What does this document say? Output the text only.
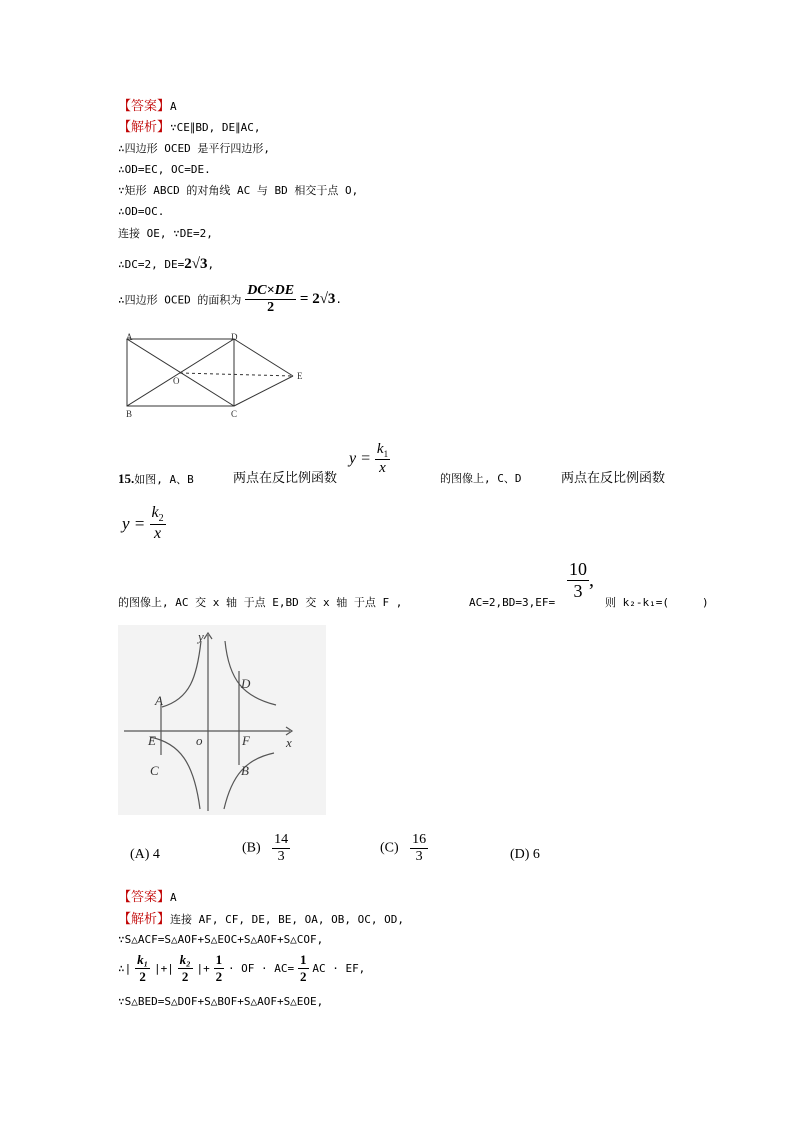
【答案】A
【解析】∵CE∥BD, DE∥AC,
∴四边形 OCED 是平行四边形,
∴OD=EC, OC=DE.
∵矩形 ABCD 的对角线 AC 与 BD 相交于点 O,
∴OD=OC.
连接 OE, ∵DE=2,
∴DC=2, DE=2√3,
∴四边形 OCED 的面积为 $\frac{DC\times DE}{2} = 2√3$.
A
B	C
D
E
O
$y = \frac{k_1}{x}$
15.如图, A、B	两点在反比例函数	的图像上, C、D	两点在反比例函数
$y = \frac{k_2}{x}$
的图像上, AC 交 x 轴 于点 E,BD 交 x 轴 于点 F ,	AC=2,BD=3,EF=
$\frac{10}{3}$ ,
则 k₂-k₁=(	)
y
x
o
A
B
C
D
E	F
(A) 4	$(B) \frac{14}{3}$	$(C) \frac{16}{3}$	(D) 6
【答案】A
【解析】连接 AF, CF, DE, BE, OA, OB, OC, OD,
∵S△ACF=S△AOF+S△EOC+S△AOF+S△COF,
∴| $\frac{\text{k₁}}{2}$ |+| $\frac{\text{k₂}}{2}$ |+ $\frac{1}{2}$ · OF · $AC= \frac{1}{2}$ AC · EF,
∵S△BED=S△DOF+S△BOF+S△AOF+S△EOE,
